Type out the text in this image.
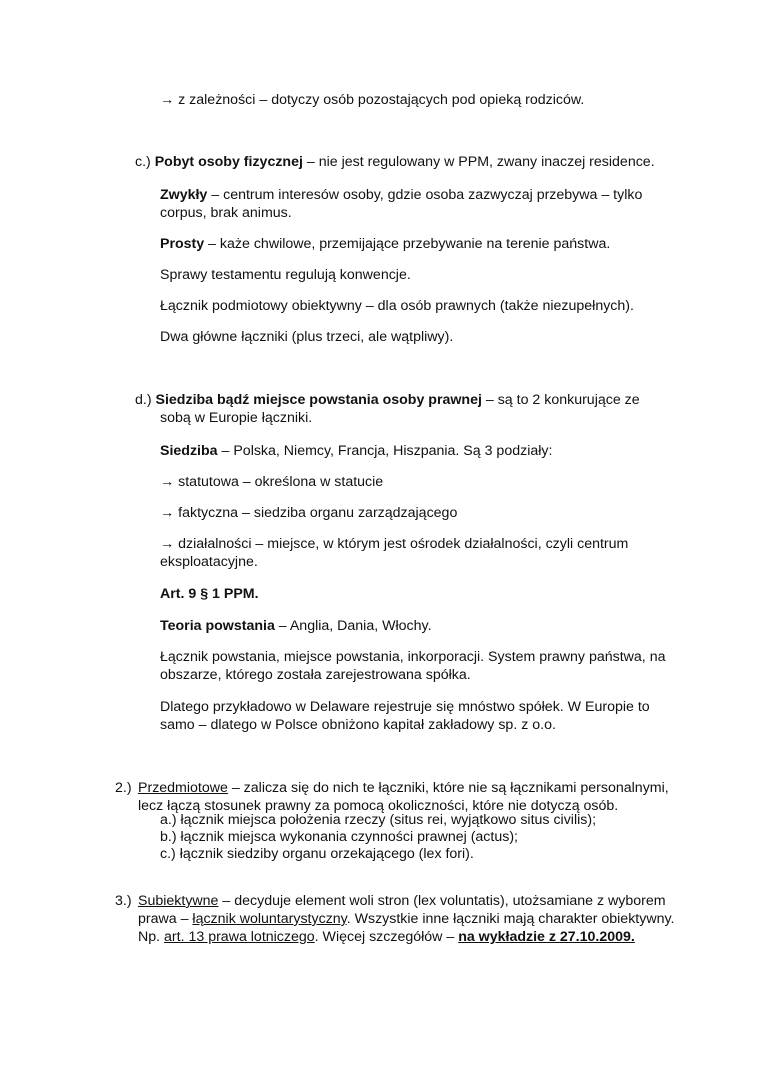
→ z zależności – dotyczy osób pozostających pod opieką rodziców.

c.) Pobyt osoby fizycznej – nie jest regulowany w PPM, zwany inaczej residence.

Zwykły – centrum interesów osoby, gdzie osoba zazwyczaj przebywa – tylko
corpus, brak animus.

Prosty – każe chwilowe, przemijające przebywanie na terenie państwa.

Sprawy testamentu regulują konwencje.

Łącznik podmiotowy obiektywny – dla osób prawnych (także niezupełnych).

Dwa główne łączniki (plus trzeci, ale wątpliwy).

d.) Siedziba bądź miejsce powstania osoby prawnej – są to 2 konkurujące ze

sobą w Europie łączniki.

Siedziba – Polska, Niemcy, Francja, Hiszpania. Są 3 podziały:

→ statutowa – określona w statucie

→ faktyczna – siedziba organu zarządzającego

→ działalności – miejsce, w którym jest ośrodek działalności, czyli centrum
eksploatacyjne.

Art. 9 § 1 PPM.

Teoria powstania – Anglia, Dania, Włochy.

Łącznik powstania, miejsce powstania, inkorporacji. System prawny państwa, na
obszarze, którego została zarejestrowana spółka.

Dlatego przykładowo w Delaware rejestruje się mnóstwo spółek. W Europie to
samo – dlatego w Polsce obniżono kapitał zakładowy sp. z o.o.

2.) Przedmiotowe – zalicza się do nich te łączniki, które nie są łącznikami personalnymi,
lecz łączą stosunek prawny za pomocą okoliczności, które nie dotyczą osób.

a.) łącznik miejsca położenia rzeczy (situs rei, wyjątkowo situs civilis);

b.) łącznik miejsca wykonania czynności prawnej (actus);

c.) łącznik siedziby organu orzekającego (lex fori).

3.) Subiektywne – decyduje element woli stron (lex voluntatis), utożsamiane z wyborem
prawa – łącznik woluntarystyczny. Wszystkie inne łączniki mają charakter obiektywny.
Np. art. 13 prawa lotniczego. Więcej szczegółów – na wykładzie z 27.10.2009.
